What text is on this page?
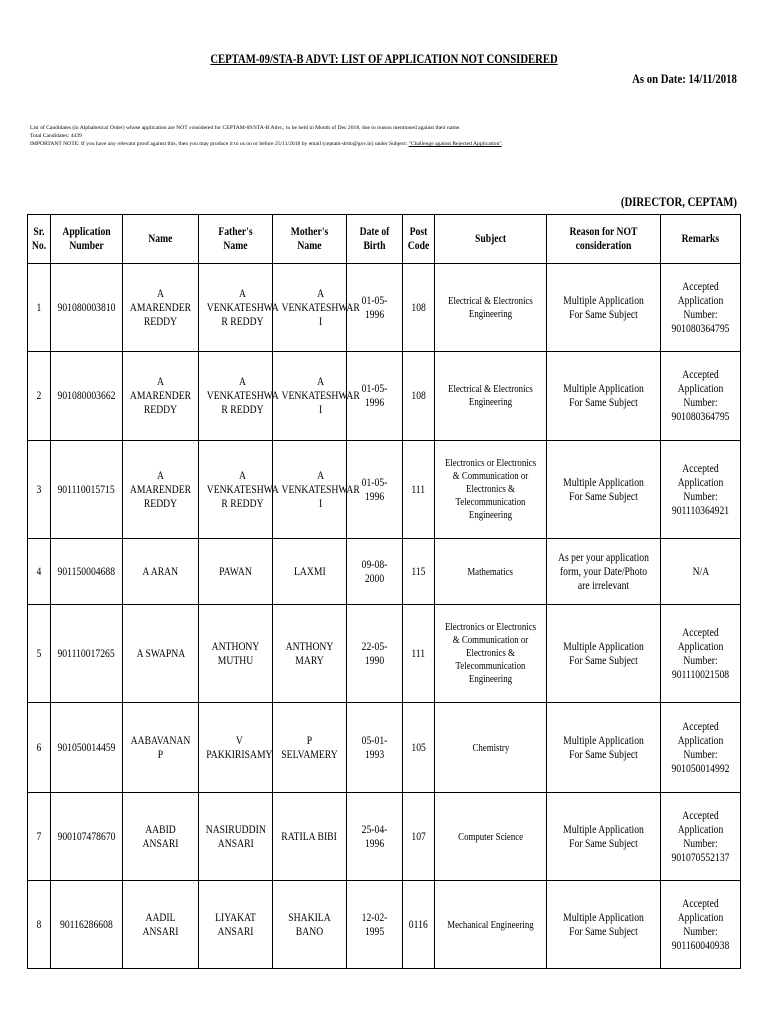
CEPTAM-09/STA-B ADVT: LIST OF APPLICATION NOT CONSIDERED
As on Date: 14/11/2018
List of Candidates (in Alphabetical Order) whose application are NOT considered for CEPTAM-09/STA-B Advt., to be held in Month of Dec 2018, due to reason mentioned against their name.
Total Candidates: 4439
IMPORTANT NOTE: If you have any relevant proof against this, then you may produce it to us on or before 25/11/2018 by email (ceptam-drdo@gov.in) under Subject: "Challenge against Rejected Application".
(DIRECTOR, CEPTAM)
Sr. No.	Application Number	Name	Father's Name	Mother's Name	Date of Birth	Post Code	Subject	Reason for NOT consideration	Remarks
1	901080003810	A AMARENDER REDDY	A VENKATESHWA R REDDY	A VENKATESHWAR I	01-05-1996	108	Electrical & Electronics Engineering	Multiple Application For Same Subject	Accepted Application Number: 901080364795
2	901080003662	A AMARENDER REDDY	A VENKATESHWA R REDDY	A VENKATESHWAR I	01-05-1996	108	Electrical & Electronics Engineering	Multiple Application For Same Subject	Accepted Application Number: 901080364795
3	901110015715	A AMARENDER REDDY	A VENKATESHWA R REDDY	A VENKATESHWAR I	01-05-1996	111	Electronics or Electronics & Communication or Electronics & Telecommunication Engineering	Multiple Application For Same Subject	Accepted Application Number: 901110364921
4	901150004688	A ARAN	PAWAN	LAXMI	09-08-2000	115	Mathematics	As per your application form, your Date/Photo are irrelevant	N/A
5	901110017265	A SWAPNA	ANTHONY MUTHU	ANTHONY MARY	22-05-1990	111	Electronics or Electronics & Communication or Electronics & Telecommunication Engineering	Multiple Application For Same Subject	Accepted Application Number: 901110021508
6	901050014459	AABAVANAN P	V PAKKIRISAMY	P SELVAMERY	05-01-1993	105	Chemistry	Multiple Application For Same Subject	Accepted Application Number: 901050014992
7	900107478670	AABID ANSARI	NASIRUDDIN ANSARI	RATILA BIBI	25-04-1996	107	Computer Science	Multiple Application For Same Subject	Accepted Application Number: 901070552137
8	90116286608	AADIL ANSARI	LIYAKAT ANSARI	SHAKILA BANO	12-02-1995	0116	Mechanical Engineering	Multiple Application For Same Subject	Accepted Application Number: 901160040938
